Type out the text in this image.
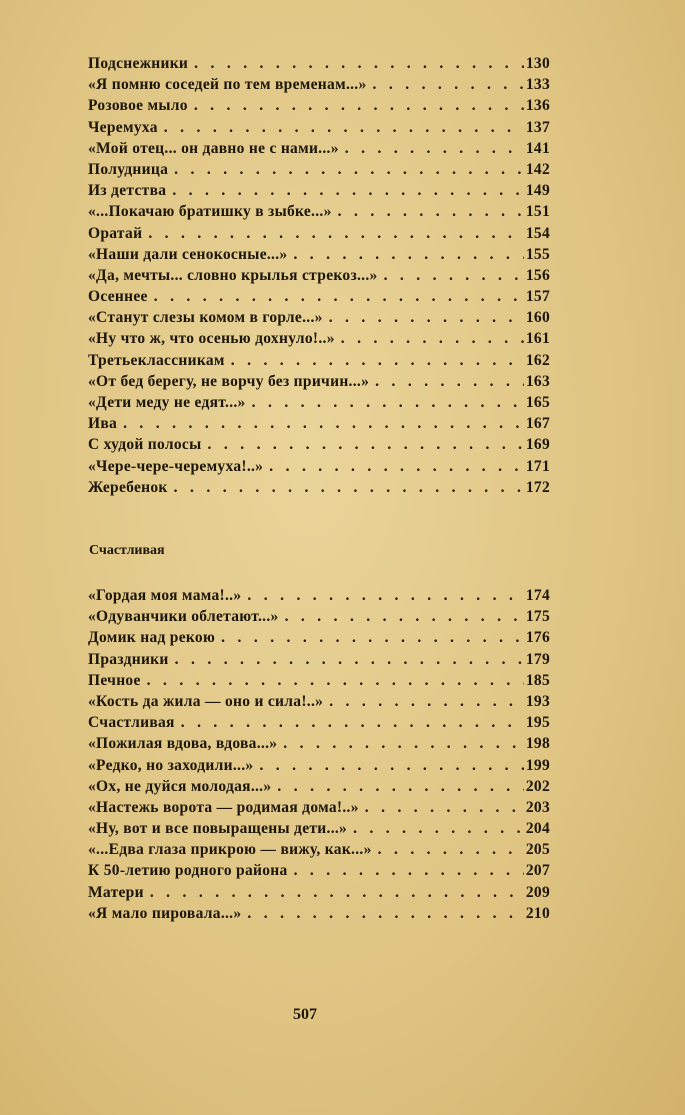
Подснежники . . .	130
«Я помню соседей по тем временам...» . . .	133
Розовое мыло . . .	136
Черемуха . . .	137
«Мой отец... он давно не с нами...» . . .	141
Полудница . . .	142
Из детства . . .	149
«...Покачаю братишку в зыбке...» . . .	151
Оратай . . .	154
«Наши дали сенокосные...» . . .	155
«Да, мечты... словно крылья стрекоз...» . . .	156
Осеннее . . .	157
«Станут слезы комом в горле...» . . .	160
«Ну что ж, что осенью дохнуло!..» . . .	161
Третьеклассникам . . .	162
«От бед берегу, не ворчу без причин...» . . .	163
«Дети меду не едят...» . . .	165
Ива . . .	167
С худой полосы . . .	169
«Чере-чере-черемуха!..» . . .	171
Жеребенок . . .	172
Счастливая
«Гордая моя мама!..» . . .	174
«Одуванчики облетают...» . . .	175
Домик над рекою . . .	176
Праздники . . .	179
Печное . . .	185
«Кость да жила — оно и сила!..» . . .	193
Счастливая . . .	195
«Пожилая вдова, вдова...» . . .	198
«Редко, но заходили...» . . .	199
«Ох, не дуйся молодая...» . . .	202
«Настежь ворота — родимая дома!..» . . .	203
«Ну, вот и все повыращены дети...» . . .	204
«...Едва глаза прикрою — вижу, как...» . . .	205
К 50-летию родного района . . .	207
Матери . . .	209
«Я мало пировала...» . . .	210
507
